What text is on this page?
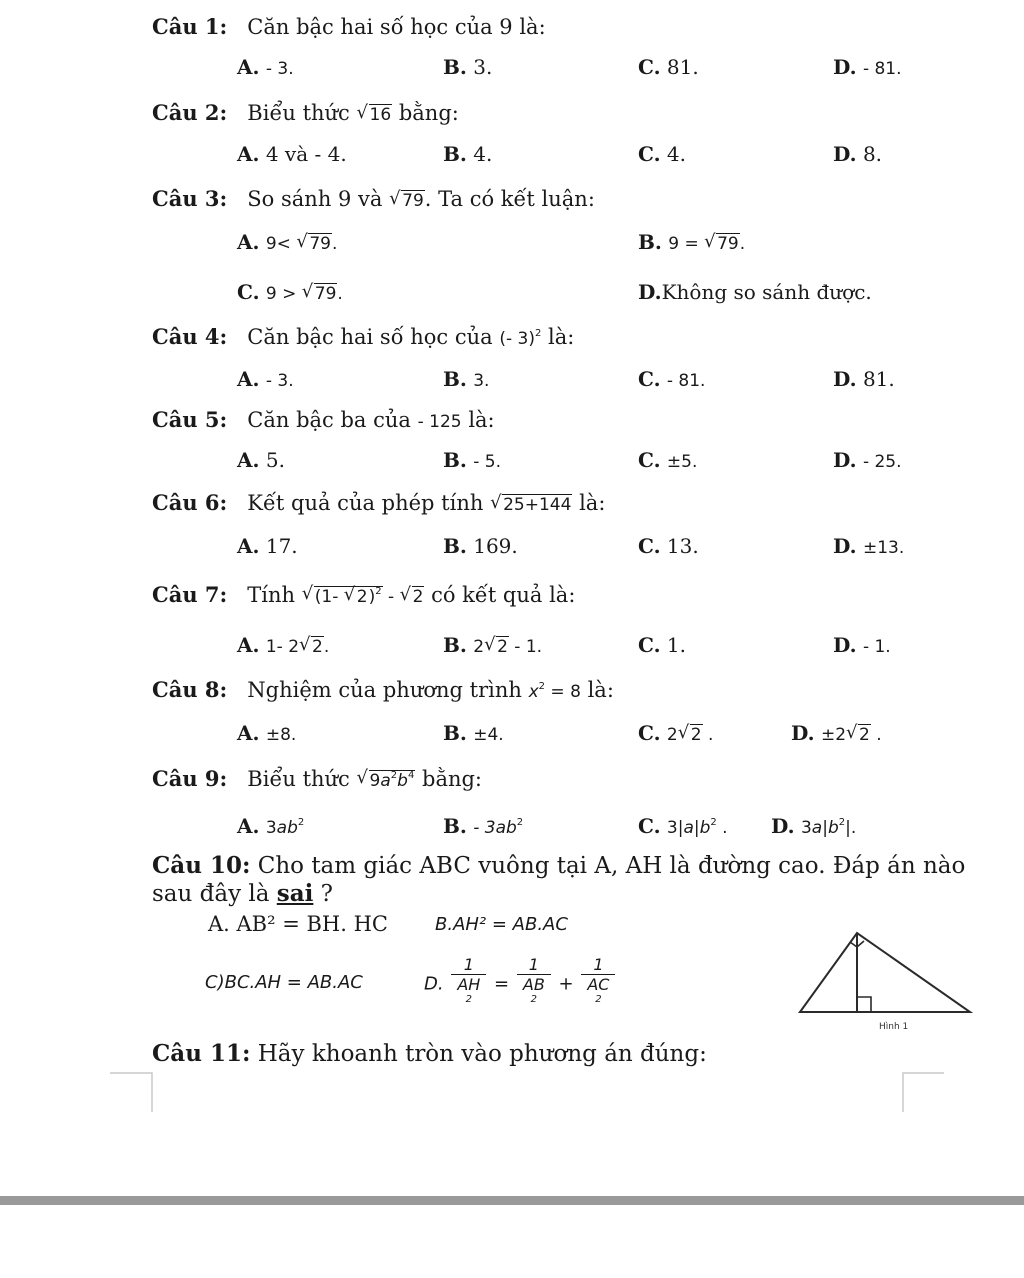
Câu 1: Căn bậc hai số học của 9 là:
A. - 3.	B. 3.	C. 81.	D. - 81.
Câu 2: Biểu thức √ 16 bằng:
A. 4 và - 4.	B. 4.	C. 4.	D. 8.
Câu 3: So sánh 9 và √ 79. Ta có kết luận:
A. 9< √ 79.	B. 9 = √ 79.
C. 9 > √ 79.	D.Không so sánh được.
Câu 4: Căn bậc hai số học của (- 3)$^2$ là:
A. - 3.	B. 3.	C. - 81.	D. 81.
Câu 5: Căn bậc ba của - 125 là:
A. 5.	B. - 5.	C. ±5.	D. - 25.
Câu 6: Kết quả của phép tính √ 25+144 là:
A. 17.	B. 169.	C. 13.	D. ±13.
Câu 7: Tính √ (1- √ 2)$^2$ - √ 2 có kết quả là:
A. 1- 2 √ 2.	B. 2 √ 2 - 1.	C. 1.	D. - 1.
Câu 8: Nghiệm của phương trình $x^2 = 8$ là:
A. ±8.	B. ±4.	C. 2 √ 2 .	D. ±2 √ 2 .
Câu 9: Biểu thức √ $9a^2b^4$ bằng:
A. $3ab^2$	B. - $3ab^2$	C. $3|a|b^2$ . D. $3a|b^2|$.
Câu 10: Cho tam giác ABC vuông tại A, AH là đường cao. Đáp án nào
sau đây là sai ?
A. AB² = BH. HC	B.AH² = AB.AC
C)BC.AH = AB.AC	D. 1
AH
$^2$ = 1
AB
$^2$ + 1
AC
$^2$
Hình 1
Câu 11: Hãy khoanh tròn vào phương án đúng:
